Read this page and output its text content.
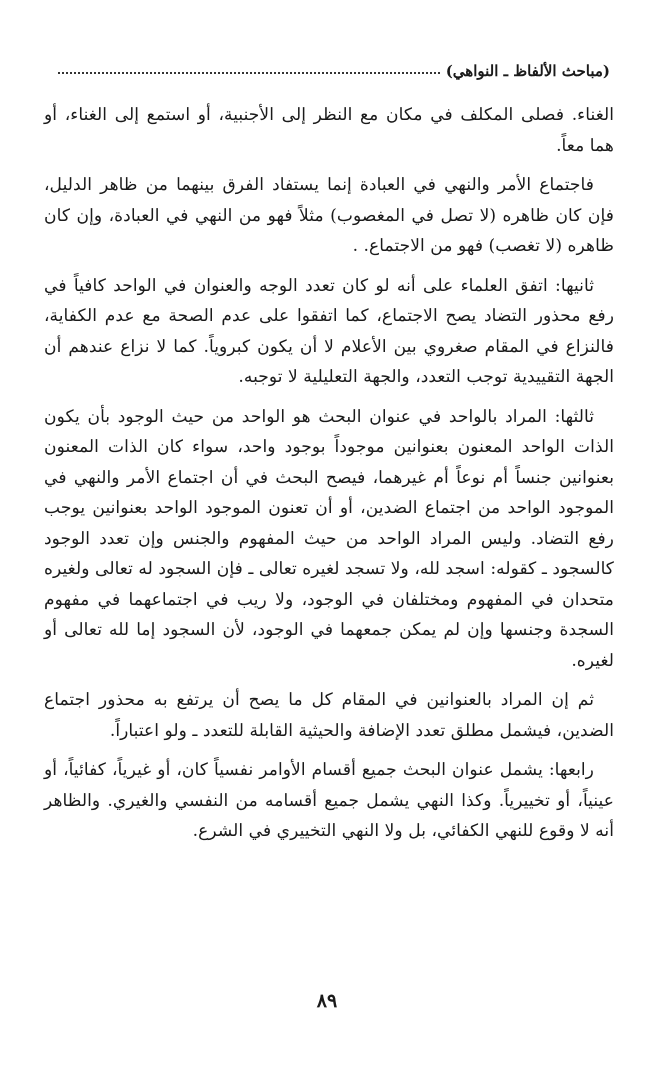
(مباحث الألفاظ ـ النواهي)

الغناء. فصلى المكلف في مكان مع النظر إلى الأجنبية، أو استمع إلى الغناء، أو هما معاً.

فاجتماع الأمر والنهي في العبادة إنما يستفاد الفرق بينهما من ظاهر الدليل، فإن كان ظاهره (لا تصل في المغصوب) مثلاً فهو من النهي في العبادة، وإن كان ظاهره (لا تغصب) فهو من الاجتماع. .

ثانيها: اتفق العلماء على أنه لو كان تعدد الوجه والعنوان في الواحد كافياً في رفع محذور التضاد يصح الاجتماع، كما اتفقوا على عدم الصحة مع عدم الكفاية، فالنزاع في المقام صغروي بين الأعلام لا أن يكون كبروياً. كما لا نزاع عندهم أن الجهة التقييدية توجب التعدد، والجهة التعليلية لا توجبه.

ثالثها: المراد بالواحد في عنوان البحث هو الواحد من حيث الوجود بأن يكون الذات الواحد المعنون بعنوانين موجوداً بوجود واحد، سواء كان الذات المعنون بعنوانين جنساً أم نوعاً أم غيرهما، فيصح البحث في أن اجتماع الأمر والنهي في الموجود الواحد من اجتماع الضدين، أو أن تعنون الموجود الواحد بعنوانين يوجب رفع التضاد. وليس المراد الواحد من حيث المفهوم والجنس وإن تعدد الوجود كالسجود ـ كقوله: اسجد لله، ولا تسجد لغيره تعالى ـ فإن السجود له تعالى ولغيره متحدان في المفهوم ومختلفان في الوجود، ولا ريب في اجتماعهما في مفهوم السجدة وجنسها وإن لم يمكن جمعهما في الوجود، لأن السجود إما لله تعالى أو لغيره.

ثم إن المراد بالعنوانين في المقام كل ما يصح أن يرتفع به محذور اجتماع الضدين، فيشمل مطلق تعدد الإضافة والحيثية القابلة للتعدد ـ ولو اعتباراً.

رابعها: يشمل عنوان البحث جميع أقسام الأوامر نفسياً كان، أو غيرياً، كفائياً، أو عينياً، أو تخييرياً. وكذا النهي يشمل جميع أقسامه من النفسي والغيري. والظاهر أنه لا وقوع للنهي الكفائي، بل ولا النهي التخييري في الشرع.

٨٩
